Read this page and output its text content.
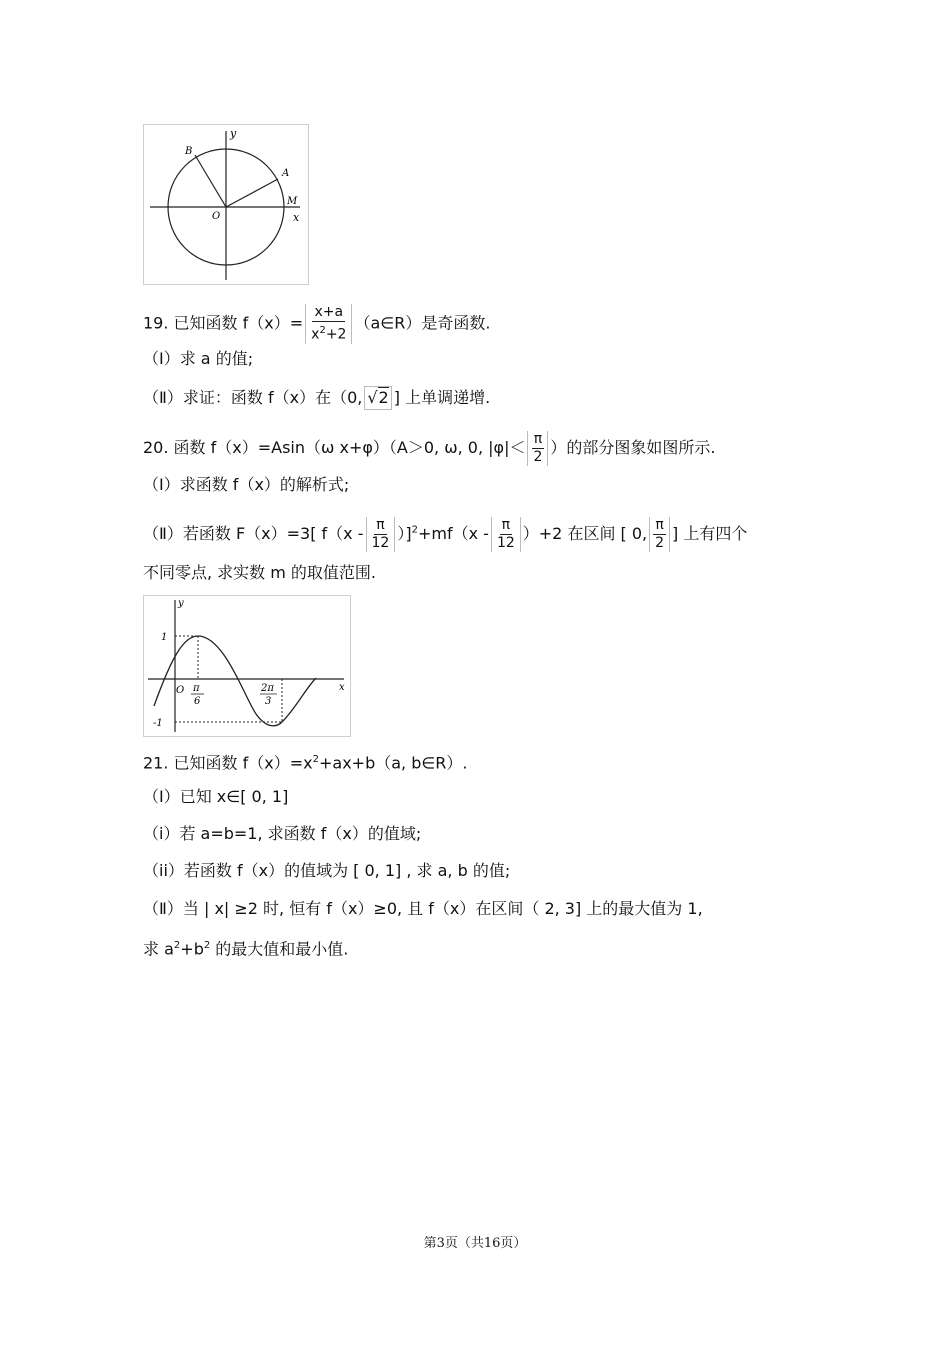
y
x
O
A
B
M
19. 已知函数 $f(x)= \frac{x+a}{x^2+2}$ （a∈R）是奇函数.
（Ⅰ）求 a 的值;
（Ⅱ）求证：函数 f（x）在（0, √2 ] 上单调递增.
20. 函数 f（x）=Asin（ω x+φ）（A＞0, ω, 0, $|\varphi|< \frac{\pi}{2}$ ）的部分图象如图所示.
（Ⅰ）求函数 f（x）的解析式;
（Ⅱ）若函数 F（x）=3[ $f(x - \frac{\pi}{12} )]^2+mf(x - \frac{\pi}{12} )+2$ 在区间 [ 0, $\frac{\pi}{2}$ ] 上有四个
不同零点, 求实数 m 的取值范围.
y
x
O
1
-1
π
6
2π
3
21. 已知函数 $f(x)=x^2+ax+b(a$, b∈R）.
（Ⅰ）已知 x∈[ 0, 1]
（i）若 a=b=1, 求函数 f（x）的值域;
（ii）若函数 f（x）的值域为 [ 0, 1] , 求 a, b 的值;
（Ⅱ）当 | x| ≥2 时, 恒有 f（x）≥0, 且 f（x）在区间（ 2, 3] 上的最大值为 1,
求 $a^2+b^2$ 的最大值和最小值.
第3页（共16页）
